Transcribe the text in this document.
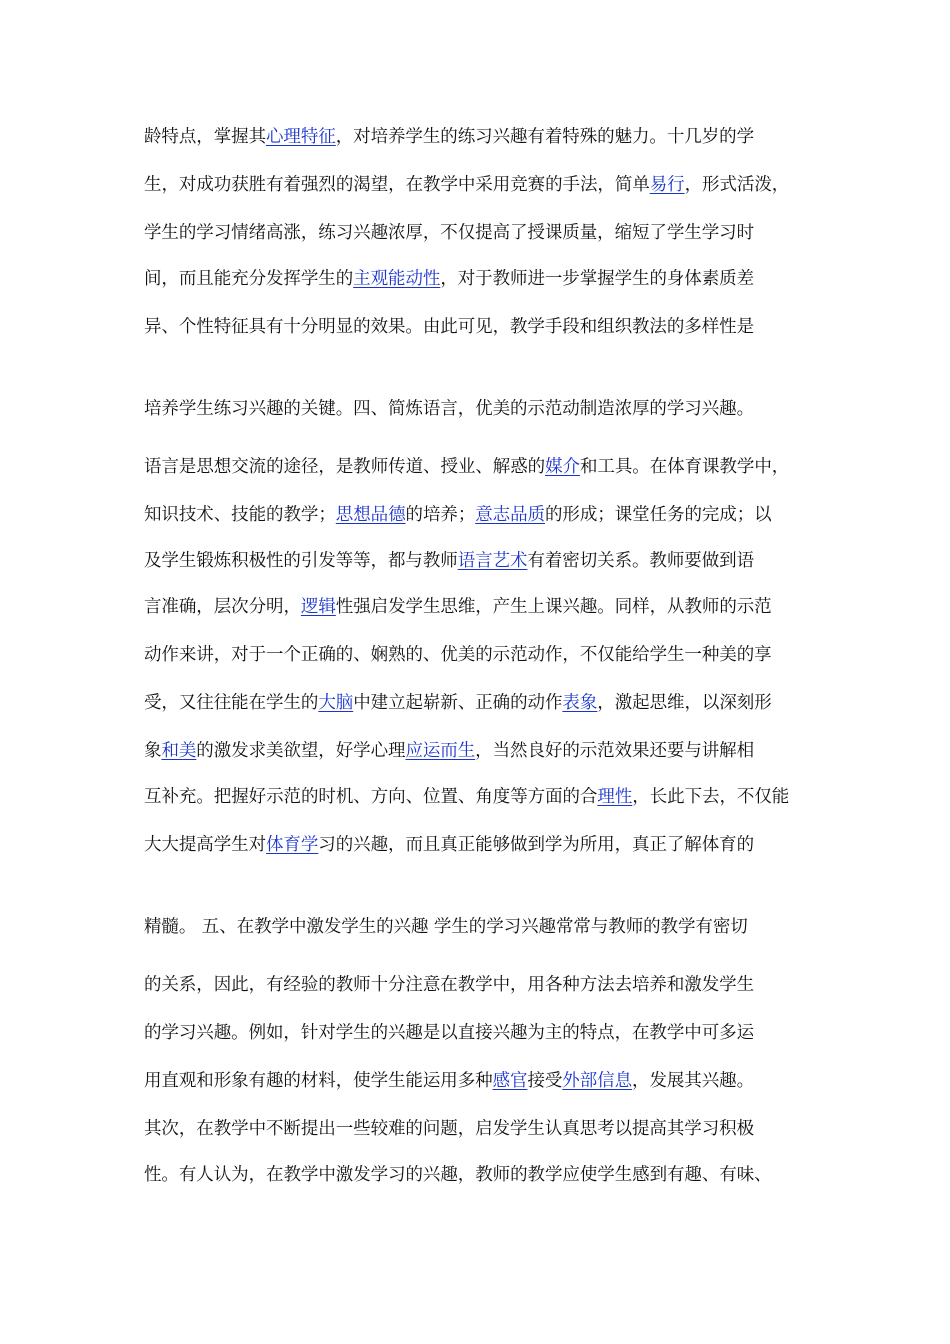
龄特点，掌握其心理特征，对培养学生的练习兴趣有着特殊的魅力。十几岁的学
生，对成功获胜有着强烈的渴望，在教学中采用竞赛的手法，简单易行，形式活泼，
学生的学习情绪高涨，练习兴趣浓厚，不仅提高了授课质量，缩短了学生学习时
间，而且能充分发挥学生的主观能动性，对于教师进一步掌握学生的身体素质差
异、个性特征具有十分明显的效果。由此可见，教学手段和组织教法的多样性是
培养学生练习兴趣的关键。四、简炼语言，优美的示范动制造浓厚的学习兴趣。
语言是思想交流的途径，是教师传道、授业、解惑的媒介和工具。在体育课教学中，
知识技术、技能的教学；思想品德的培养；意志品质的形成；课堂任务的完成；以
及学生锻炼积极性的引发等等，都与教师语言艺术有着密切关系。教师要做到语
言准确，层次分明，逻辑性强启发学生思维，产生上课兴趣。同样，从教师的示范
动作来讲，对于一个正确的、娴熟的、优美的示范动作，不仅能给学生一种美的享
受，又往往能在学生的大脑中建立起崭新、正确的动作表象，激起思维，以深刻形
象和美的激发求美欲望，好学心理应运而生，当然良好的示范效果还要与讲解相
互补充。把握好示范的时机、方向、位置、角度等方面的合理性，长此下去，不仅能
大大提高学生对体育学习的兴趣，而且真正能够做到学为所用，真正了解体育的
精髓。 五、在教学中激发学生的兴趣 学生的学习兴趣常常与教师的教学有密切
的关系，因此，有经验的教师十分注意在教学中，用各种方法去培养和激发学生
的学习兴趣。例如，针对学生的兴趣是以直接兴趣为主的特点，在教学中可多运
用直观和形象有趣的材料，使学生能运用多种感官接受外部信息，发展其兴趣。
其次，在教学中不断提出一些较难的问题，启发学生认真思考以提高其学习积极
性。有人认为，在教学中激发学习的兴趣，教师的教学应使学生感到有趣、有味、
